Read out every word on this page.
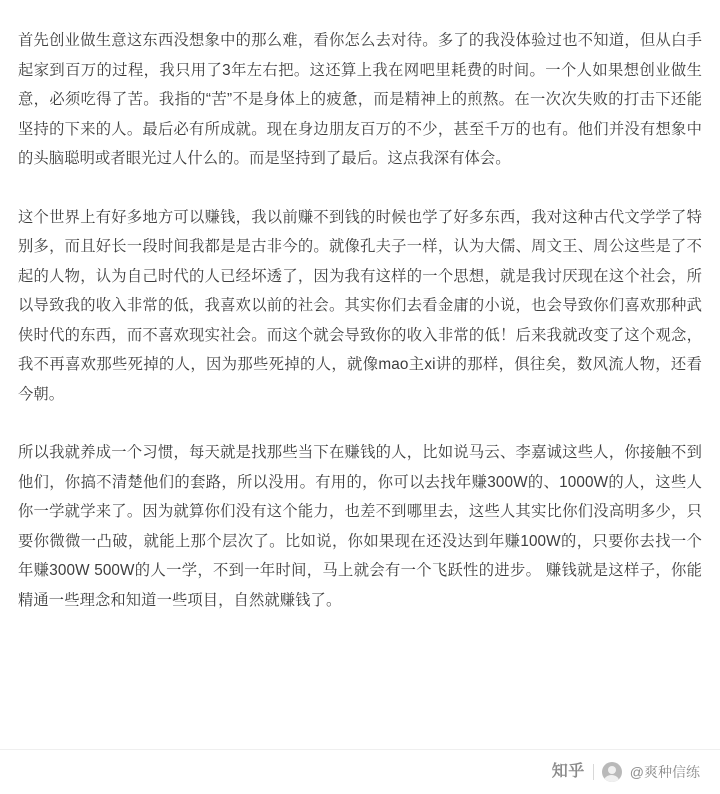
首先创业做生意这东西没想象中的那么难，看你怎么去对待。多了的我没体验过也不知道，但从白手起家到百万的过程，我只用了3年左右把。这还算上我在网吧里耗费的时间。一个人如果想创业做生意，必须吃得了苦。我指的“苦”不是身体上的疲惫，而是精神上的煎熬。在一次次失败的打击下还能坚持的下来的人。最后必有所成就。现在身边朋友百万的不少，甚至千万的也有。他们并没有想象中的头脑聪明或者眼光过人什么的。而是坚持到了最后。这点我深有体会。

这个世界上有好多地方可以赚钱，我以前赚不到钱的时候也学了好多东西，我对这种古代文学学了特别多，而且好长一段时间我都是是古非今的。就像孔夫子一样，认为大儒、周文王、周公这些是了不起的人物，认为自己时代的人已经坏透了，因为我有这样的一个思想，就是我讨厌现在这个社会，所以导致我的收入非常的低，我喜欢以前的社会。其实你们去看金庸的小说，也会导致你们喜欢那种武侠时代的东西，而不喜欢现实社会。而这个就会导致你的收入非常的低！后来我就改变了这个观念，我不再喜欢那些死掉的人，因为那些死掉的人，就像mao主xi讲的那样，俱往矣，数风流人物，还看今朝。

所以我就养成一个习惯，每天就是找那些当下在赚钱的人，比如说马云、李嘉诚这些人，你接触不到他们，你搞不清楚他们的套路，所以没用。有用的，你可以去找年赚300W的、1000W的人，这些人你一学就学来了。因为就算你们没有这个能力，也差不到哪里去，这些人其实比你们没高明多少，只要你微微一凸破，就能上那个层次了。比如说，你如果现在还没达到年赚100W的，只要你去找一个年赚300W 500W的人一学，不到一年时间，马上就会有一个飞跃性的进步。 赚钱就是这样子，你能精通一些理念和知道一些项目，自然就赚钱了。

知乎	@爽种信练
